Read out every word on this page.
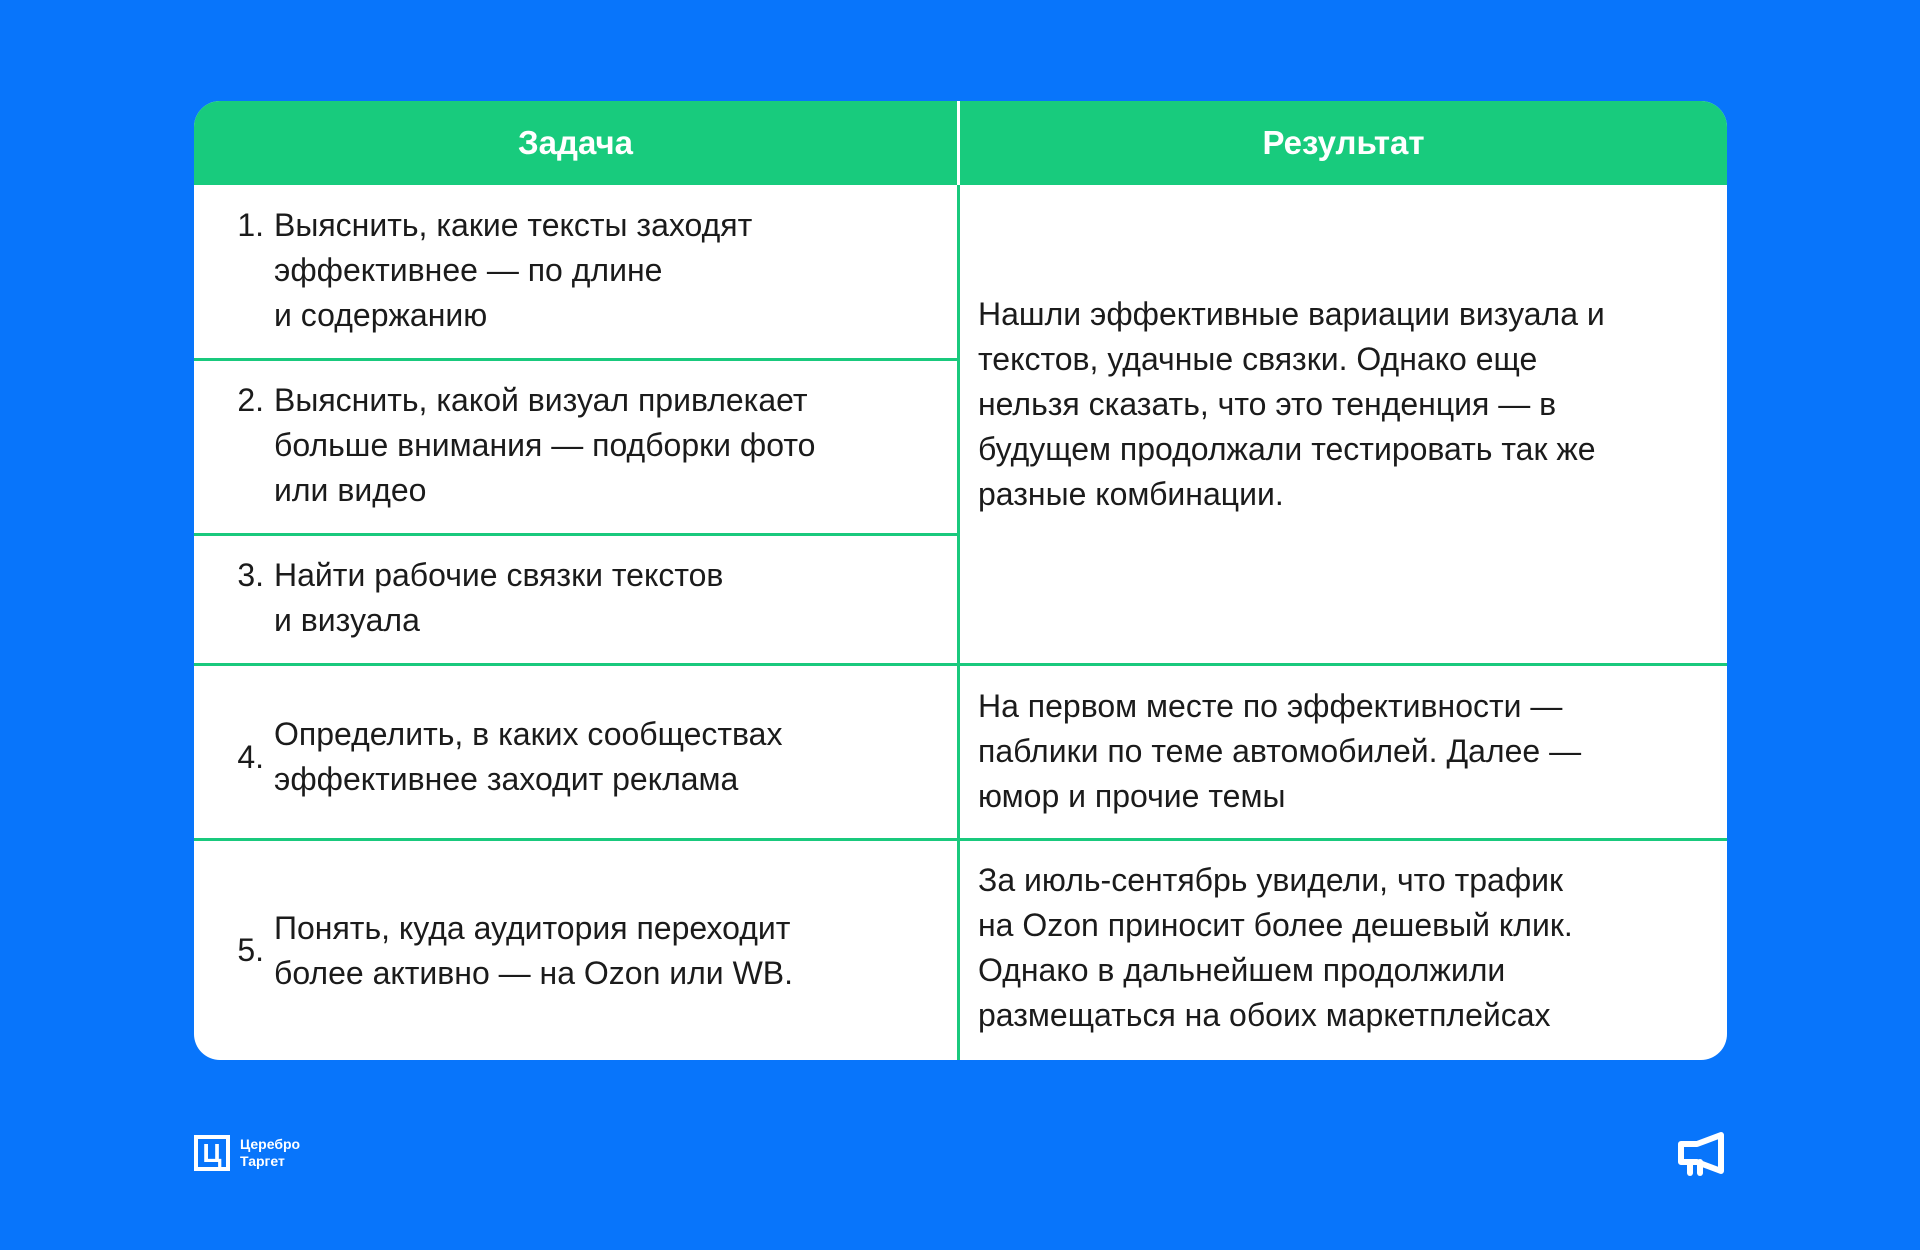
Задача	Результат
1. Выяснить, какие тексты заходят
эффективнее — по длине
и содержанию
2. Выяснить, какой визуал привлекает
больше внимания — подборки фото
или видео
3. Найти рабочие связки текстов
и визуала
Нашли эффективные вариации визуала и
текстов, удачные связки. Однако еще
нельзя сказать, что это тенденция — в
будущем продолжали тестировать так же
разные комбинации.
4.
Определить, в каких сообществах
эффективнее заходит реклама
На первом месте по эффективности —
паблики по теме автомобилей. Далее —
юмор и прочие темы
5.
Понять, куда аудитория переходит
более активно — на Ozon или WB.
За июль-сентябрь увидели, что трафик
на Ozon приносит более дешевый клик.
Однако в дальнейшем продолжили
размещаться на обоих маркетплейсах
Ц	Церебро
Таргет
